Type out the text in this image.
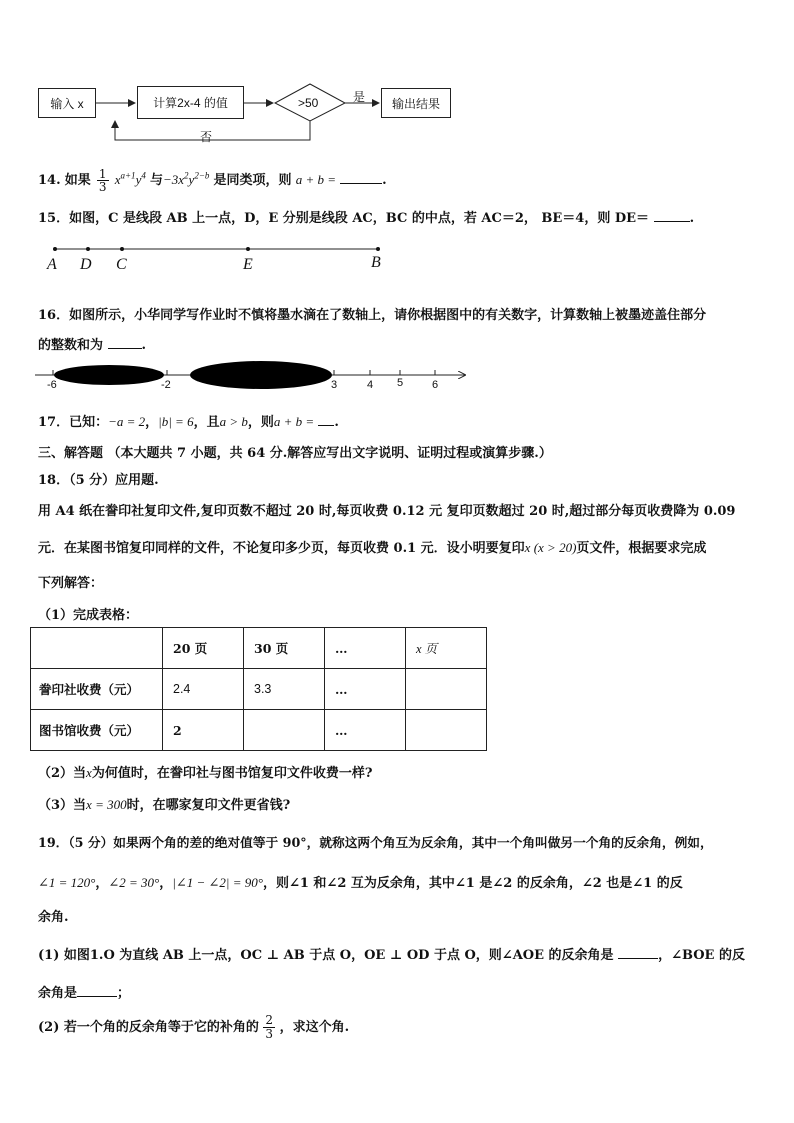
输入 x	计算2x-4 的值	输出结果
>50	是
否
14. 如果 $\frac{1}{3} x^{a+1}y^4$ 与$-3x^2y^{2-b}$ 是同类项，则 a + b =	.
15．如图，C 是线段 AB 上一点，D，E 分别是线段 AC，BC 的中点，若 AC＝2， BE＝4，则 DE＝	.
A D C	E	B
16．如图所示，小华同学写作业时不慎将墨水滴在了数轴上，请你根据图中的有关数字，计算数轴上被墨迹盖住部分
的整数和为	.
-6	-2	3	4 5	6
17．已知：−a = 2，|b| = 6，且a > b，则a + b = .
三、解答题 （本大题共 7 小题，共 64 分.解答应写出文字说明、证明过程或演算步骤.）
18．（5 分）应用题.
用 A4 纸在誊印社复印文件,复印页数不超过 20 时,每页收费 0.12 元 复印页数超过 20 时,超过部分每页收费降为 0.09
元．在某图书馆复印同样的文件，不论复印多少页，每页收费 0.1 元．设小明要复印x (x > 20)页文件，根据要求完成
下列解答：
（1）完成表格：
	20 页	30 页	…	x 页
誊印社收费（元）	2.4	3.3	…	
图书馆收费（元）	2		…	
（2）当x为何值时，在誊印社与图书馆复印文件收费一样?
（3）当x = 300时，在哪家复印文件更省钱?
19．（5 分）如果两个角的差的绝对值等于 90°，就称这两个角互为反余角，其中一个角叫做另一个角的反余角，例如，
∠1 = 120°，∠2 = 30°，|∠1 − ∠2| = 90°，则∠1 和∠2 互为反余角，其中∠1 是∠2 的反余角，∠2 也是∠1 的反
余角.
(1) 如图1.O 为直线 AB 上一点，OC ⊥ AB 于点 O，OE ⊥ OD 于点 O，则∠AOE 的反余角是	，∠BOE 的反
余角是	；
(2) 若一个角的反余角等于它的补角的 $\frac{2}{3}$ ，求这个角.
